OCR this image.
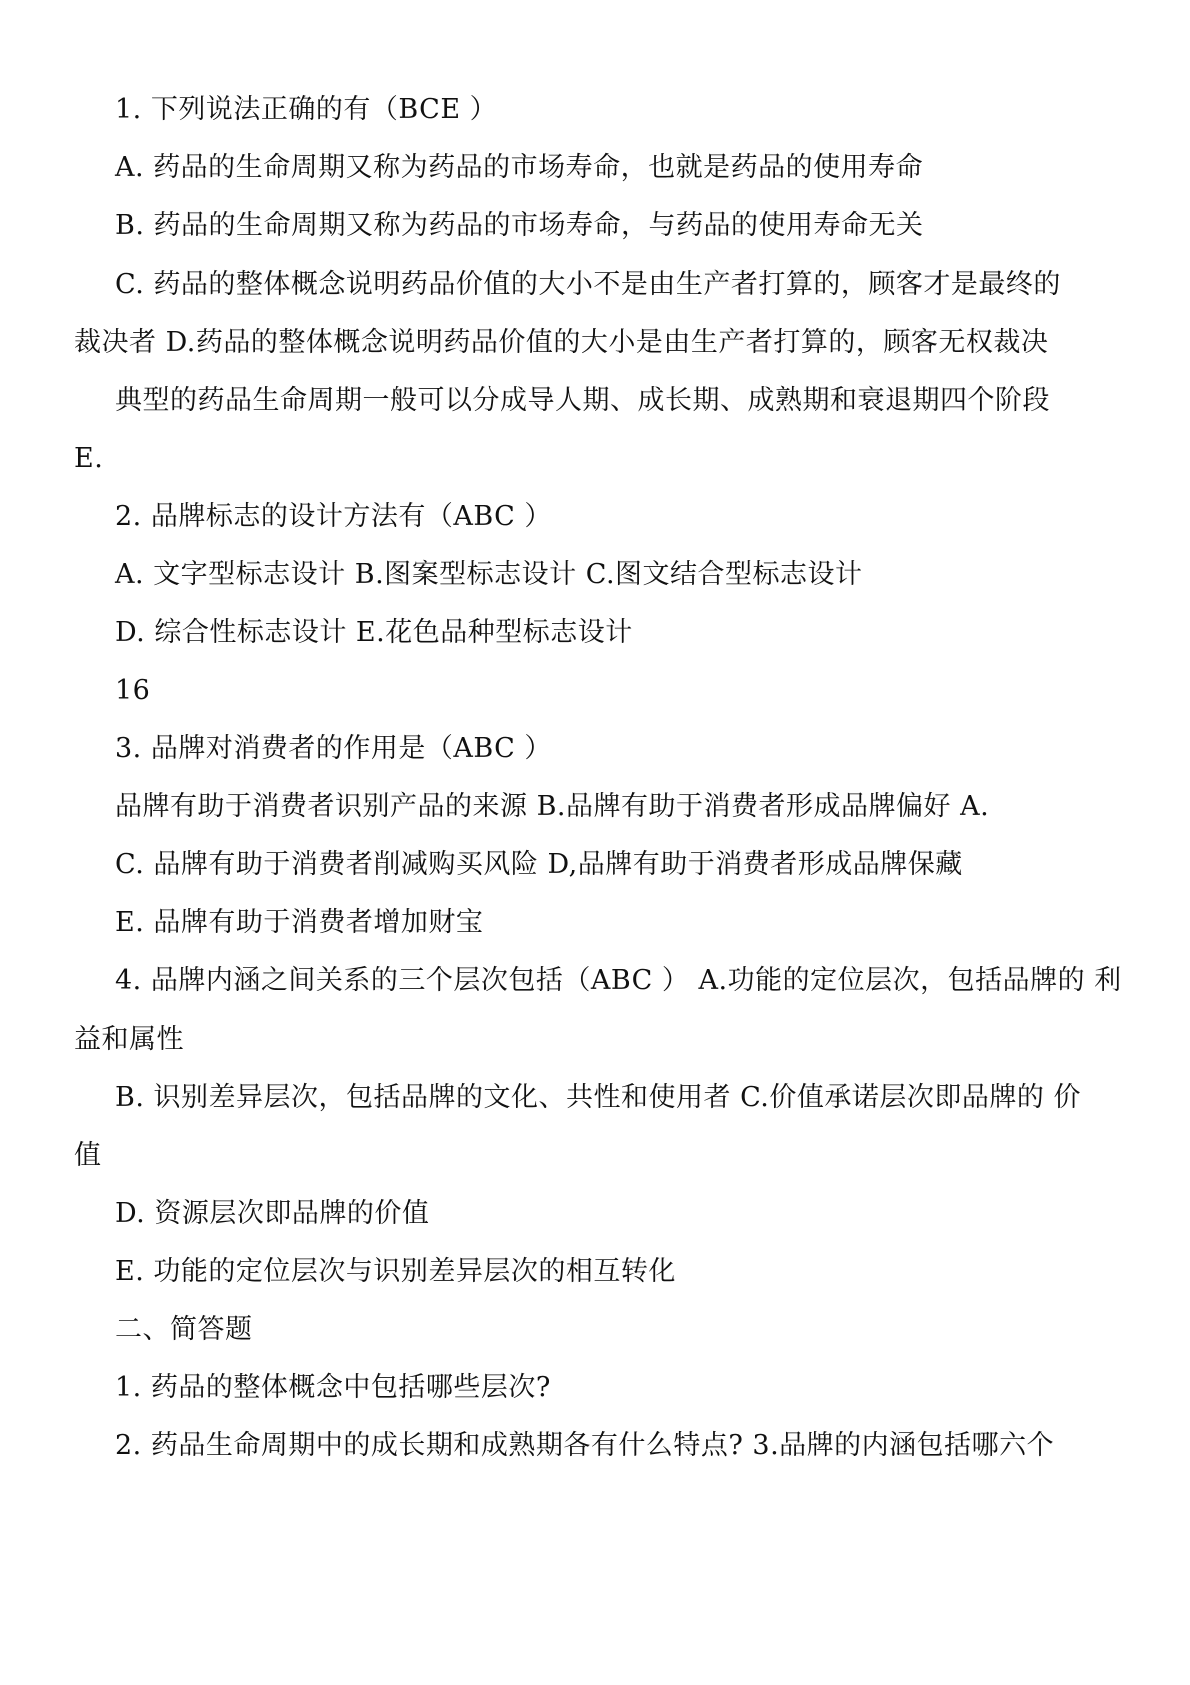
1. 下列说法正确的有（BCE ）
A. 药品的生命周期又称为药品的市场寿命，也就是药品的使用寿命
B. 药品的生命周期又称为药品的市场寿命，与药品的使用寿命无关
C. 药品的整体概念说明药品价值的大小不是由生产者打算的，顾客才是最终的
裁决者 D.药品的整体概念说明药品价值的大小是由生产者打算的，顾客无权裁决
典型的药品生命周期一般可以分成导人期、成长期、成熟期和衰退期四个阶段
E.
2. 品牌标志的设计方法有（ABC ）
A. 文字型标志设计 B.图案型标志设计 C.图文结合型标志设计
D. 综合性标志设计 E.花色品种型标志设计
16
3. 品牌对消费者的作用是（ABC ）
品牌有助于消费者识别产品的来源 B.品牌有助于消费者形成品牌偏好 A.
C. 品牌有助于消费者削减购买风险 D,品牌有助于消费者形成品牌保藏
E. 品牌有助于消费者增加财宝
4. 品牌内涵之间关系的三个层次包括（ABC ） A.功能的定位层次，包括品牌的 利
益和属性
B. 识别差异层次，包括品牌的文化、共性和使用者 C.价值承诺层次即品牌的 价
值
D. 资源层次即品牌的价值
E. 功能的定位层次与识别差异层次的相互转化
二、简答题
1. 药品的整体概念中包括哪些层次?
2. 药品生命周期中的成长期和成熟期各有什么特点? 3.品牌的内涵包括哪六个
